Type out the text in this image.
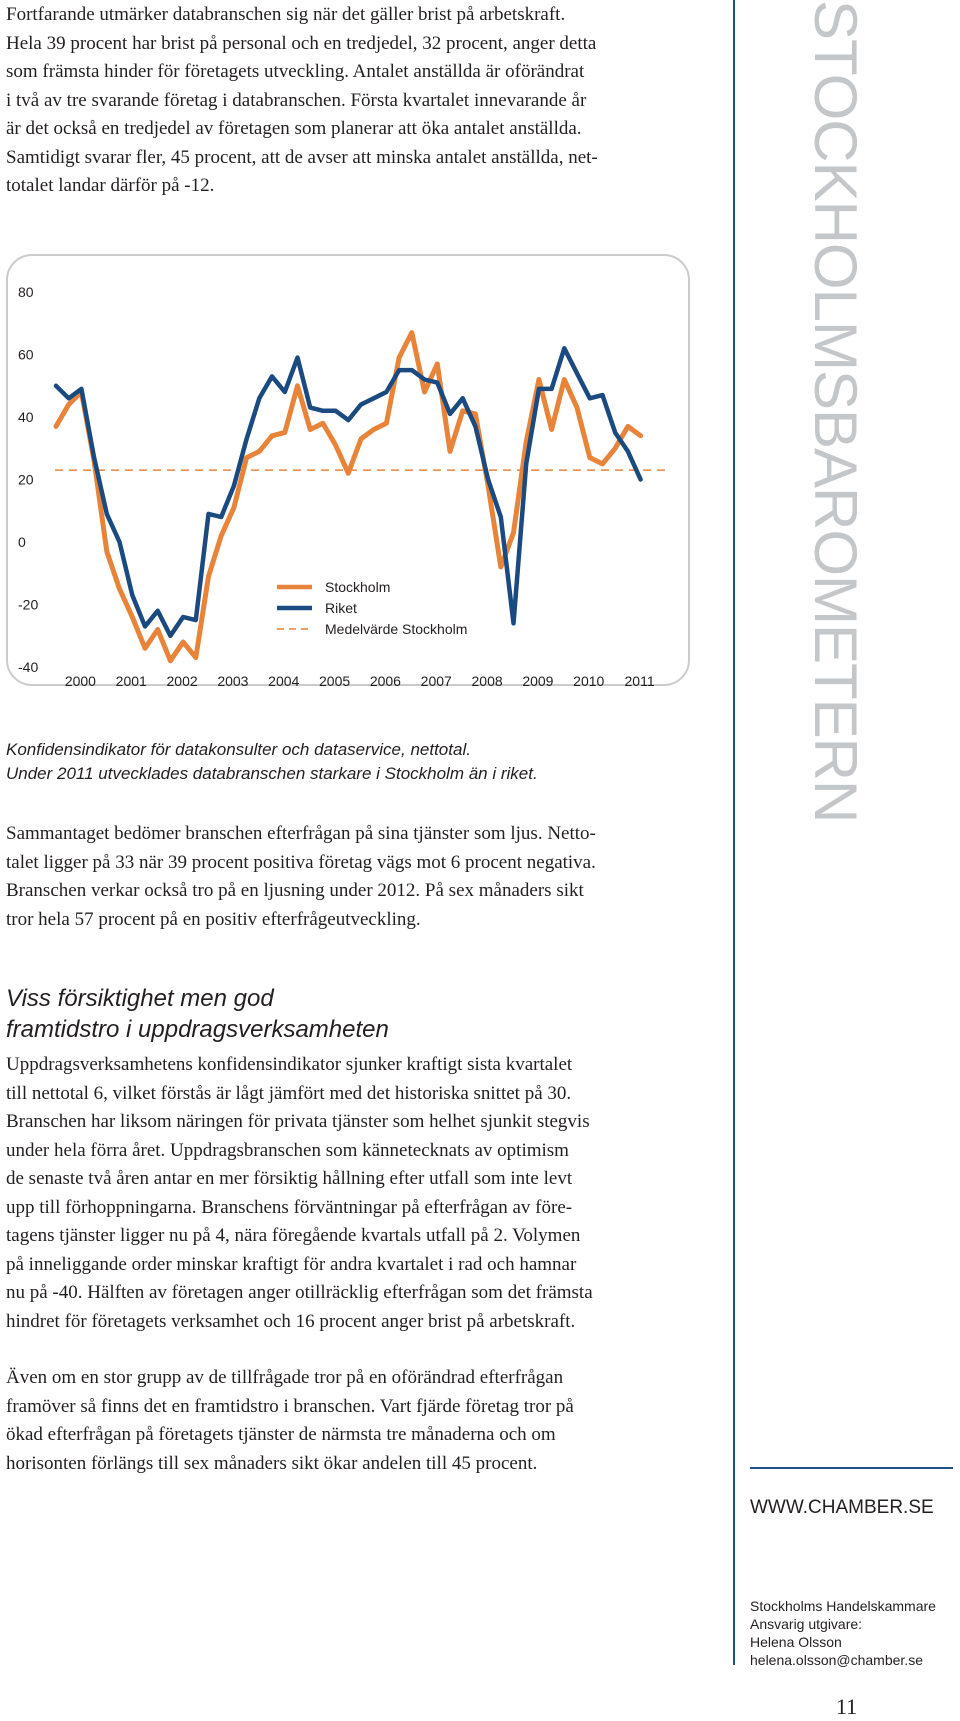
Fortfarande utmärker databranschen sig när det gäller brist på arbetskraft.
Hela 39 procent har brist på personal och en tredjedel, 32 procent, anger detta
som främsta hinder för företagets utveckling. Antalet anställda är oförändrat
i två av tre svarande företag i databranschen. Första kvartalet innevarande år
är det också en tredjedel av företagen som planerar att öka antalet anställda.
Samtidigt svarar fler, 45 procent, att de avser att minska antalet anställda, net-
totalet landar därför på -12.

80
60
40
20
0
-20
-40
2000 2001 2002 2003 2004 2005 2006 2007 2008 2009 2010 2011
Stockholm
Riket
Medelvärde Stockholm
Konfidensindikator för datakonsulter och dataservice, nettotal.
Under 2011 utvecklades databranschen starkare i Stockholm än i riket.

Sammantaget bedömer branschen efterfrågan på sina tjänster som ljus. Netto-
talet ligger på 33 när 39 procent positiva företag vägs mot 6 procent negativa.
Branschen verkar också tro på en ljusning under 2012. På sex månaders sikt
tror hela 57 procent på en positiv efterfrågeutveckling.

Viss försiktighet men god
framtidstro i uppdragsverksamheten

Uppdragsverksamhetens konfidensindikator sjunker kraftigt sista kvartalet
till nettotal 6, vilket förstås är lågt jämfört med det historiska snittet på 30.
Branschen har liksom näringen för privata tjänster som helhet sjunkit stegvis
under hela förra året. Uppdragsbranschen som kännetecknats av optimism
de senaste två åren antar en mer försiktig hållning efter utfall som inte levt
upp till förhoppningarna. Branschens förväntningar på efterfrågan av före-
tagens tjänster ligger nu på 4, nära föregående kvartals utfall på 2. Volymen
på inneliggande order minskar kraftigt för andra kvartalet i rad och hamnar
nu på -40. Hälften av företagen anger otillräcklig efterfrågan som det främsta
hindret för företagets verksamhet och 16 procent anger brist på arbetskraft.

Även om en stor grupp av de tillfrågade tror på en oförändrad efterfrågan
framöver så finns det en framtidstro i branschen. Vart fjärde företag tror på
ökad efterfrågan på företagets tjänster de närmsta tre månaderna och om
horisonten förlängs till sex månaders sikt ökar andelen till 45 procent.

STOCKHOLMSBAROMETERN
WWW.CHAMBER.SE
Stockholms Handelskammare
Ansvarig utgivare:
Helena Olsson
helena.olsson@chamber.se
11
